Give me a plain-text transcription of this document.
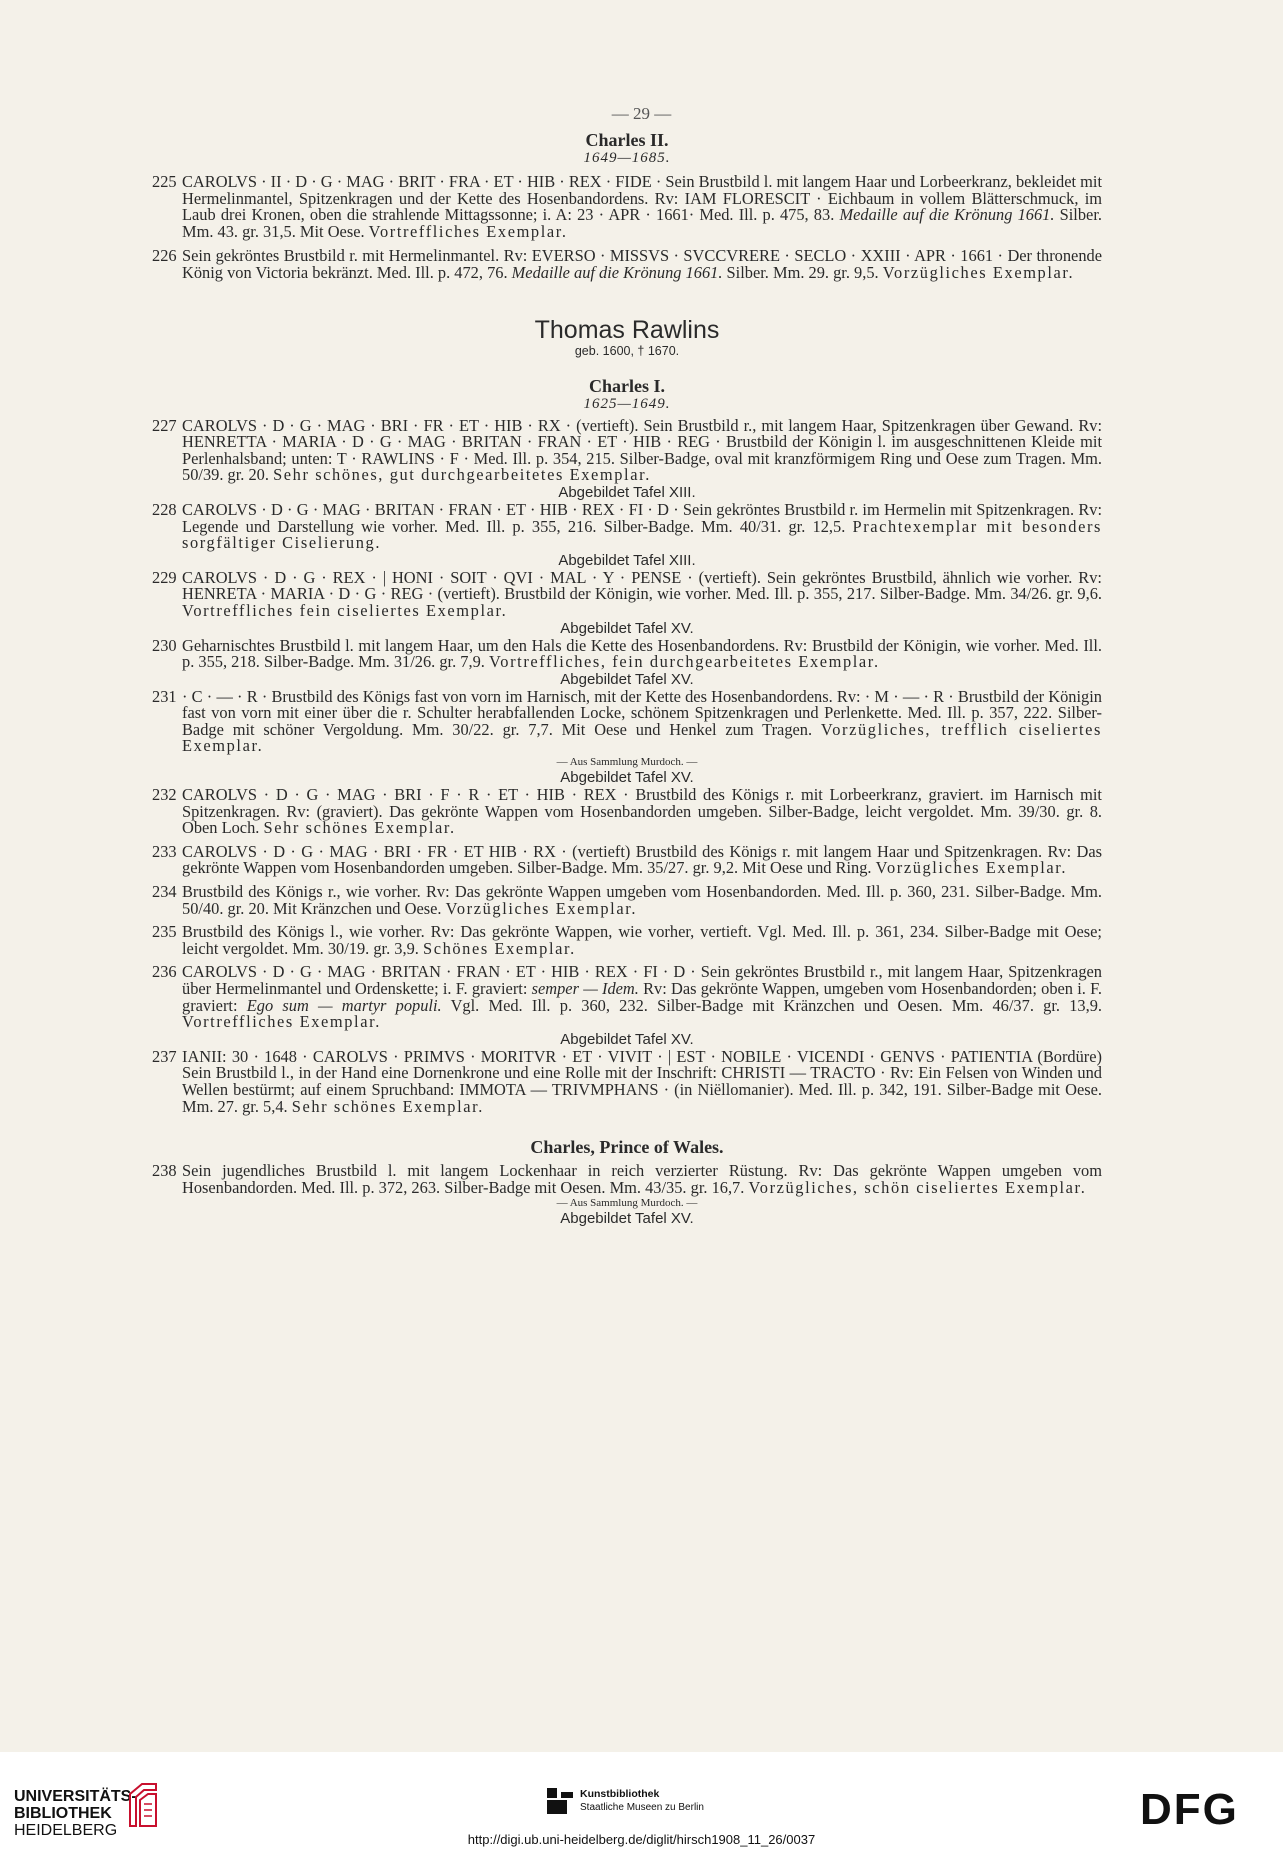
— 29 —
Charles II.
1649—1685.
225 CAROLVS · II · D · G · MAG · BRIT · FRA · ET · HIB · REX · FIDE · Sein Brustbild l. mit langem Haar und Lorbeerkranz, bekleidet mit Hermelinmantel, Spitzenkragen und der Kette des Hosenbandordens. Rv: IAM FLORESCIT · Eichbaum in vollem Blätterschmuck, im Laub drei Kronen, oben die strahlende Mittagssonne; i. A: 23 · APR · 1661· Med. Ill. p. 475, 83. Medaille auf die Krönung 1661. Silber. Mm. 43. gr. 31,5. Mit Oese. Vortreffliches Exemplar.
226 Sein gekröntes Brustbild r. mit Hermelinmantel. Rv: EVERSO · MISSVS · SVCCVRERE · SECLO · XXIII · APR · 1661 · Der thronende König von Victoria bekränzt. Med. Ill. p. 472, 76. Medaille auf die Krönung 1661. Silber. Mm. 29. gr. 9,5. Vorzügliches Exemplar.
Thomas Rawlins
geb. 1600, † 1670.
Charles I.
1625—1649.
227 CAROLVS · D · G · MAG · BRI · FR · ET · HIB · RX · (vertieft). Sein Brustbild r., mit langem Haar, Spitzenkragen über Gewand. Rv: HENRETTA · MARIA · D · G · MAG · BRITAN · FRAN · ET · HIB · REG · Brustbild der Königin l. im ausgeschnittenen Kleide mit Perlenhalsband; unten: T · RAWLINS · F · Med. Ill. p. 354, 215. Silber-Badge, oval mit kranzförmigem Ring und Oese zum Tragen. Mm. 50/39. gr. 20. Sehr schönes, gut durchgearbeitetes Exemplar.
Abgebildet Tafel XIII.
228 CAROLVS · D · G · MAG · BRITAN · FRAN · ET · HIB · REX · FI · D · Sein gekröntes Brustbild r. im Hermelin mit Spitzenkragen. Rv: Legende und Darstellung wie vorher. Med. Ill. p. 355, 216. Silber-Badge. Mm. 40/31. gr. 12,5. Prachtexemplar mit besonders sorgfältiger Ciselierung.
Abgebildet Tafel XIII.
229 CAROLVS · D · G · REX · | HONI · SOIT · QVI · MAL · Y · PENSE · (vertieft). Sein gekröntes Brustbild, ähnlich wie vorher. Rv: HENRETA · MARIA · D · G · REG · (vertieft). Brustbild der Königin, wie vorher. Med. Ill. p. 355, 217. Silber-Badge. Mm. 34/26. gr. 9,6. Vortreffliches fein ciseliertes Exemplar.
Abgebildet Tafel XV.
230 Geharnischtes Brustbild l. mit langem Haar, um den Hals die Kette des Hosenbandordens. Rv: Brustbild der Königin, wie vorher. Med. Ill. p. 355, 218. Silber-Badge. Mm. 31/26. gr. 7,9. Vortreffliches, fein durchgearbeitetes Exemplar.
Abgebildet Tafel XV.
231 · C · — · R · Brustbild des Königs fast von vorn im Harnisch, mit der Kette des Hosenbandordens. Rv: · M · — · R · Brustbild der Königin fast von vorn mit einer über die r. Schulter herabfallenden Locke, schönem Spitzenkragen und Perlenkette. Med. Ill. p. 357, 222. Silber-Badge mit schöner Vergoldung. Mm. 30/22. gr. 7,7. Mit Oese und Henkel zum Tragen. Vorzügliches, trefflich ciseliertes Exemplar.
— Aus Sammlung Murdoch. —
Abgebildet Tafel XV.
232 CAROLVS · D · G · MAG · BRI · F · R · ET · HIB · REX · Brustbild des Königs r. mit Lorbeerkranz, graviert. im Harnisch mit Spitzenkragen. Rv: (graviert). Das gekrönte Wappen vom Hosenbandorden umgeben. Silber-Badge, leicht vergoldet. Mm. 39/30. gr. 8. Oben Loch. Sehr schönes Exemplar.
233 CAROLVS · D · G · MAG · BRI · FR · ET HIB · RX · (vertieft) Brustbild des Königs r. mit langem Haar und Spitzenkragen. Rv: Das gekrönte Wappen vom Hosenbandorden umgeben. Silber-Badge. Mm. 35/27. gr. 9,2. Mit Oese und Ring. Vorzügliches Exemplar.
234 Brustbild des Königs r., wie vorher. Rv: Das gekrönte Wappen umgeben vom Hosenbandorden. Med. Ill. p. 360, 231. Silber-Badge. Mm. 50/40. gr. 20. Mit Kränzchen und Oese. Vorzügliches Exemplar.
235 Brustbild des Königs l., wie vorher. Rv: Das gekrönte Wappen, wie vorher, vertieft. Vgl. Med. Ill. p. 361, 234. Silber-Badge mit Oese; leicht vergoldet. Mm. 30/19. gr. 3,9. Schönes Exemplar.
236 CAROLVS · D · G · MAG · BRITAN · FRAN · ET · HIB · REX · FI · D · Sein gekröntes Brustbild r., mit langem Haar, Spitzenkragen über Hermelinmantel und Ordenskette; i. F. graviert: semper — Idem. Rv: Das gekrönte Wappen, umgeben vom Hosenbandorden; oben i. F. graviert: Ego sum — martyr populi. Vgl. Med. Ill. p. 360, 232. Silber-Badge mit Kränzchen und Oesen. Mm. 46/37. gr. 13,9. Vortreffliches Exemplar.
Abgebildet Tafel XV.
237 IANII: 30 · 1648 · CAROLVS · PRIMVS · MORITVR · ET · VIVIT · | EST · NOBILE · VICENDI · GENVS · PATIENTIA (Bordüre) Sein Brustbild l., in der Hand eine Dornenkrone und eine Rolle mit der Inschrift: CHRISTI — TRACTO · Rv: Ein Felsen von Winden und Wellen bestürmt; auf einem Spruchband: IMMOTA — TRIVMPHANS · (in Niëllomanier). Med. Ill. p. 342, 191. Silber-Badge mit Oese. Mm. 27. gr. 5,4. Sehr schönes Exemplar.
Charles, Prince of Wales.
238 Sein jugendliches Brustbild l. mit langem Lockenhaar in reich verzierter Rüstung. Rv: Das gekrönte Wappen umgeben vom Hosenbandorden. Med. Ill. p. 372, 263. Silber-Badge mit Oesen. Mm. 43/35. gr. 16,7. Vorzügliches, schön ciseliertes Exemplar.
— Aus Sammlung Murdoch. —
Abgebildet Tafel XV.
UNIVERSITÄTS-
BIBLIOTHEK
HEIDELBERG
Kunstbibliothek
Staatliche Museen zu Berlin	DFG
http://digi.ub.uni-heidelberg.de/diglit/hirsch1908_11_26/0037
